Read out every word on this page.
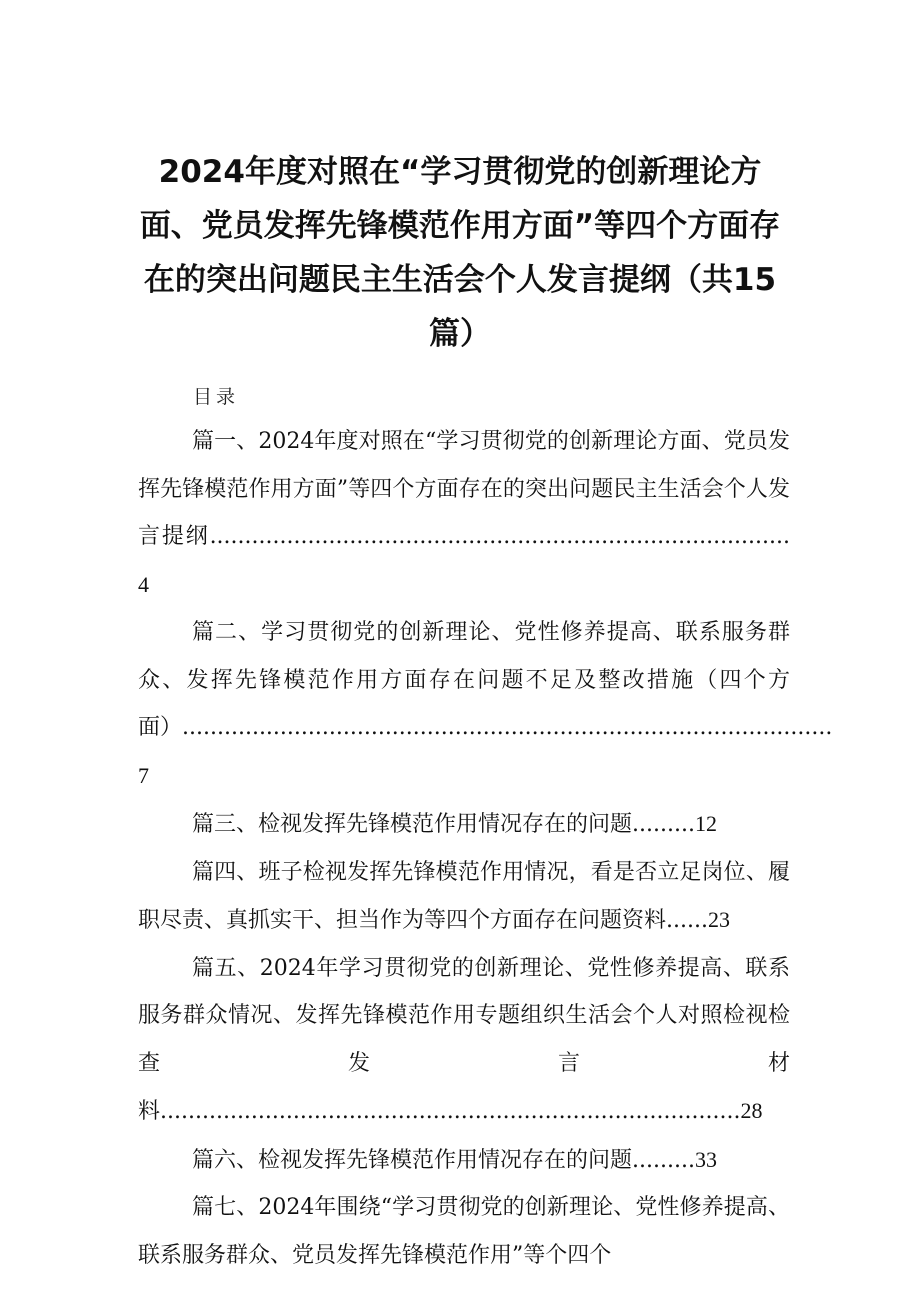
2024年度对照在“学习贯彻党的创新理论方面、党员发挥先锋模范作用方面”等四个方面存在的突出问题民主生活会个人发言提纲（共15篇）
目录
篇一、2024年度对照在“学习贯彻党的创新理论方面、党员发挥先锋模范作用方面”等四个方面存在的突出问题民主生活会个人发言提纲...................................................................................4
篇二、学习贯彻党的创新理论、党性修养提高、联系服务群众、发挥先锋模范作用方面存在问题不足及整改措施（四个方面）.............................................................................................7
篇三、检视发挥先锋模范作用情况存在的问题.........12
篇四、班子检视发挥先锋模范作用情况，看是否立足岗位、履职尽责、真抓实干、担当作为等四个方面存在问题资料......23
篇五、2024年学习贯彻党的创新理论、党性修养提高、联系服务群众情况、发挥先锋模范作用专题组织生活会个人对照检视检查发言材料...................................................................................28
篇六、检视发挥先锋模范作用情况存在的问题.........33
篇七、2024年围绕“学习贯彻党的创新理论、党性修养提高、联系服务群众、党员发挥先锋模范作用”等个四个
